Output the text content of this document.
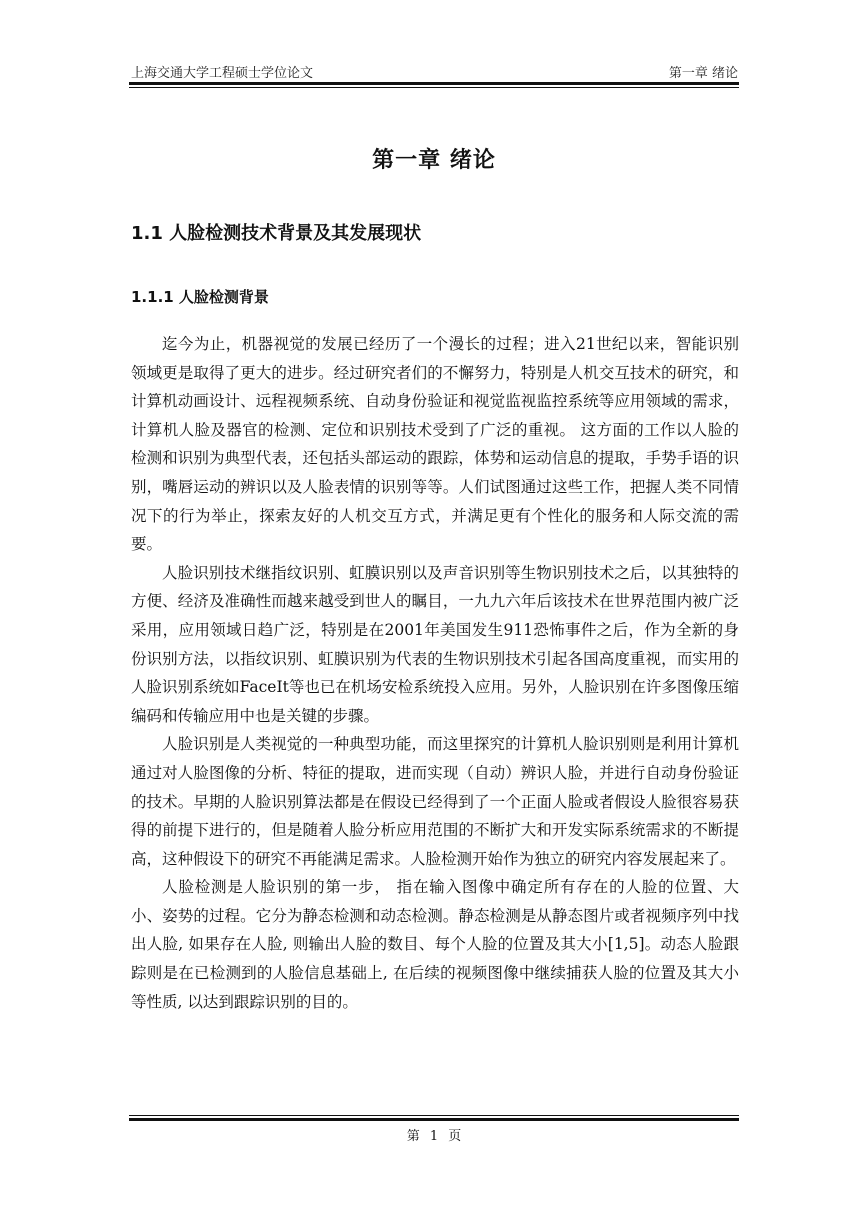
上海交通大学工程硕士学位论文	第一章 绪论
第一章 绪论
1.1 人脸检测技术背景及其发展现状
1.1.1 人脸检测背景

迄今为止，机器视觉的发展已经历了一个漫长的过程；进入21世纪以来，智能识别领域更是取得了更大的进步。经过研究者们的不懈努力，特别是人机交互技术的研究，和计算机动画设计、远程视频系统、自动身份验证和视觉监视监控系统等应用领域的需求，计算机人脸及器官的检测、定位和识别技术受到了广泛的重视。 这方面的工作以人脸的检测和识别为典型代表，还包括头部运动的跟踪，体势和运动信息的提取，手势手语的识别，嘴唇运动的辨识以及人脸表情的识别等等。人们试图通过这些工作，把握人类不同情况下的行为举止，探索友好的人机交互方式，并满足更有个性化的服务和人际交流的需要。

人脸识别技术继指纹识别、虹膜识别以及声音识别等生物识别技术之后，以其独特的方便、经济及准确性而越来越受到世人的瞩目，一九九六年后该技术在世界范围内被广泛采用，应用领域日趋广泛，特别是在2001年美国发生911恐怖事件之后，作为全新的身份识别方法，以指纹识别、虹膜识别为代表的生物识别技术引起各国高度重视，而实用的人脸识别系统如FaceIt等也已在机场安检系统投入应用。另外，人脸识别在许多图像压缩编码和传输应用中也是关键的步骤。

人脸识别是人类视觉的一种典型功能，而这里探究的计算机人脸识别则是利用计算机通过对人脸图像的分析、特征的提取，进而实现（自动）辨识人脸，并进行自动身份验证的技术。早期的人脸识别算法都是在假设已经得到了一个正面人脸或者假设人脸很容易获得的前提下进行的，但是随着人脸分析应用范围的不断扩大和开发实际系统需求的不断提高，这种假设下的研究不再能满足需求。人脸检测开始作为独立的研究内容发展起来了。

人脸检测是人脸识别的第一步， 指在输入图像中确定所有存在的人脸的位置、大小、姿势的过程。它分为静态检测和动态检测。静态检测是从静态图片或者视频序列中找出人脸, 如果存在人脸, 则输出人脸的数目、每个人脸的位置及其大小[1,5]。动态人脸跟踪则是在已检测到的人脸信息基础上, 在后续的视频图像中继续捕获人脸的位置及其大小等性质, 以达到跟踪识别的目的。

第 1 页
